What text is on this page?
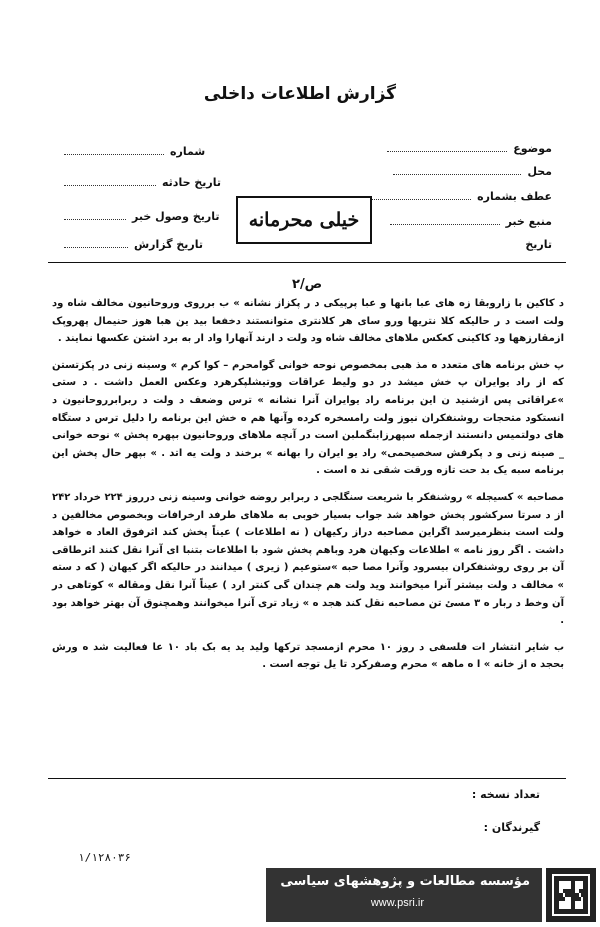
گزارش اطلاعات داخلی
موضوع
محل
عطف بشماره
منبع خبر
تاریخ
شماره
تاریخ حادثه
تاریخ وصول خبر
تاریخ گزارش
خیلی محرمانه
ص/۲

د کاکین با زاروبقا زه های عبا بانها و عبا پرپیکی د ر پکزاز نشانه » ب برروی وروحانیون مخالف شاه ود ولت است د ر حالیکه کلا نتریها ورو سای هر کلانتری متوانستند دخفعا بید ین هبا هوز حنیمال پهروپک ازمقارزهها ود کاکینی کعکس ملاهای مخالف شاه ود ولت د ارند آنهارا واد ار به برد اشتن عکسها نمایند .

پ خش برنامه های متعدد ه مذ هبی بمخصوص نوحه خوانی گوامحرم – کوا کرم » وسینه زنی در پکزتستن که از راد یوایران پ خش میشد در دو ولیط عراقات ووتیشلپکرهرد وعکس العمل داشت . د ستی »عراقاتی پس ازشنید ن این برنامه راد یوایران آنرا نشانه » ترس وضعف د ولت د ربرابرروحانیون د انستکود متحجات روشنفکران نیوز ولت رامسخره کرده وآنها هم ه خش این برنامه را دلیل ترس د ستگاه های دولتمیس دانستند ازجمله سپهرزابنگملبن است در آنچه ملاهای وروحانیون بپهره پخش » نوحه خوانی _ صینه زنی و د پکرفش سخصیحمی» راد یو ایران را بهانه » برخند د ولت یه اتد . » بپهر حال پخش این برنامه سبه یک بد حت تازه ورقت شقی ند ه است .

مصاحبه » کسیجله » روشنفکر با شریعت سنگلجی د ربرابر روضه خوانی وسینه زنی درروز ۲۲۴ خرداد ۲۴۲ از د سرتا سرکشور پخش خواهد شد جواب بسیار خوبی به ملاهای طرفد ارخرافات وبخصوص مخالفین د ولت است بنظرمیرسد اگراین مصاحبه دراز رکیهان ( نه اطلاعات ) عیناً پخش کند اثرفوق العاد ه خواهد داشت . اگر روز نامه » اطلاعات وکیهان هرد وباهم پخش شود با اطلاعات بتنبا ای آنرا نقل کنند اثرطاقی آن بر روی روشنفکران بیسرود وآنرا مصا حبه »ستوعیم ( زیری ) میدانند در حالیکه اگر کیهان ( که د سته » مخالف د ولت بیشتر آنرا میخوانند وید ولت هم چندان گی کنتر ارد ) عیناً آنرا نقل ومقاله » کوتاهی در آن وخط د ربار ه ۳ مسئ تن مصاحبه نقل کند هجد ه » زیاد تری آنرا میخوانند وهمچنوق آن بهتر خواهد بود .

ب شایر انتشار ات فلسفی د روز ۱۰ محرم ازمسجد ترکها ولید ید یه بک باد ۱۰ عا فعالیت شد ه ورش بحجد ه از خانه » ا ه ماهه » محرم وصفرکرد تا یل توجه است .

تعداد نسخه :
گیرندگان :
۱/۱۲۸۰۳۶
مؤسسه مطالعات و پژوهشهای سیاسی
www.psri.ir
